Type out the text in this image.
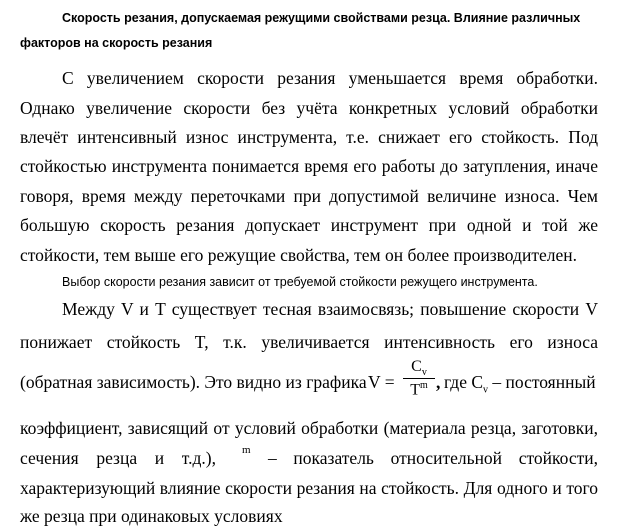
Скорость резания, допускаемая режущими свойствами резца. Влияние различных
факторов на скорость резания
С увеличением скорости резания уменьшается время обработки.
Однако увеличение скорости без учёта конкретных условий обработки
влечёт интенсивный износ инструмента, т.е. снижает его стойкость. Под
стойкостью инструмента понимается время его работы до затупления, иначе
говоря, время между переточками при допустимой величине износа. Чем
большую скорость резания допускает инструмент при одной и той же
стойкости, тем выше его режущие свойства, тем он более производителен.
Выбор скорости резания зависит от требуемой стойкости режущего инструмента.
Между V и T существует тесная взаимосвязь; повышение скорости V
понижает стойкость T, т.к. увеличивается интенсивность его износа
(обратная зависимость). Это видно из графика V =
$C_v$
$T^m$ , где $C_v$ – постоянный
коэффициент, зависящий от условий обработки (материала резца, заготовки,
сечения резца и т.д.), m – показатель относительной стойкости,
характеризующий влияние скорости резания на стойкость. Для одного и того
же резца при одинаковых условиях
